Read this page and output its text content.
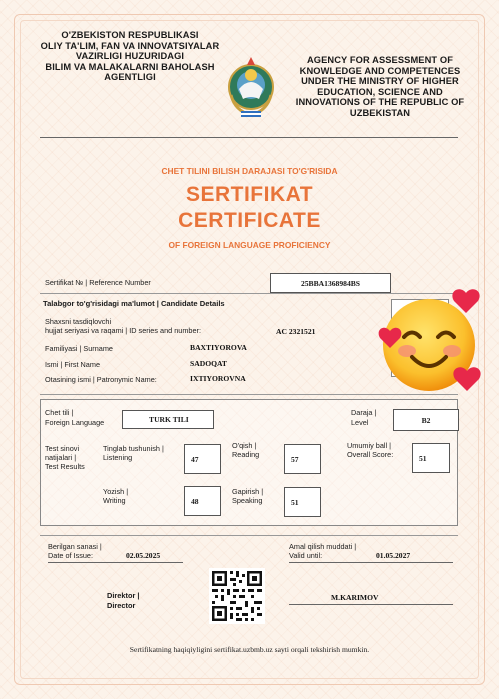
O'ZBEKISTON RESPUBLIKASI
OLIY TA'LIM, FAN VA INNOVATSIYALAR
VAZIRLIGI HUZURIDAGI
BILIM VA MALAKALARNI BAHOLASH
AGENTLIGI
AGENCY FOR ASSESSMENT OF
KNOWLEDGE AND COMPETENCES
UNDER THE MINISTRY OF HIGHER
EDUCATION, SCIENCE AND
INNOVATIONS OF THE REPUBLIC OF
UZBEKISTAN
CHET TILINI BILISH DARAJASI TO'G'RISIDA
SERTIFIKAT
CERTIFICATE
OF FOREIGN LANGUAGE PROFICIENCY
Sertifikat № | Reference Number	25BBA1368984BS
Talabgor to'g'risidagi ma'lumot | Candidate Details
Shaxsni tasdiqlovchi
hujjat seriyasi va raqami | ID series and number:	AC 2321521
Familiyasi | Surname	BAXTIYOROVA
Ismi | First Name	SADOQAT
Otasining ismi | Patronymic Name:	IXTIYOROVNA
Chet tili |
Foreign Language	TURK TILI
Daraja |
Level	B2
Test sinovi
natijalari |
Test Results
Tinglab tushunish |
Listening	47
O'qish |
Reading	57
Umumiy ball |
Overall Score:	51
Yozish |
Writing	48
Gapirish |
Speaking	51
Berilgan sanasi |
Date of Issue:	02.05.2025
Amal qilish muddati |
Valid until:	01.05.2027
Direktor |
Director
M.KARIMOV
Sertifikatning haqiqiyligini sertifikat.uzbmb.uz sayti orqali tekshirish mumkin.
